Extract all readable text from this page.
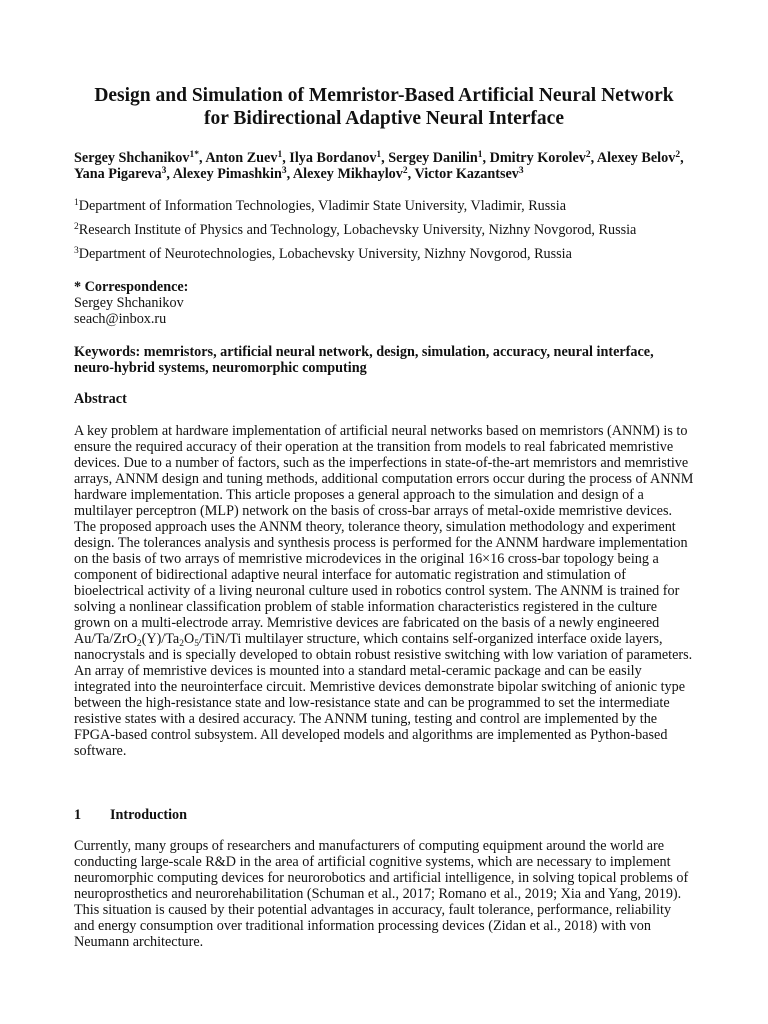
Design and Simulation of Memristor-Based Artificial Neural Network
for Bidirectional Adaptive Neural Interface
Sergey Shchanikov$^{1*}$, Anton Zuev$^1$, Ilya Bordanov$^1$, Sergey Danilin$^1$, Dmitry Korolev$^2$, Alexey Belov$^2$, Yana Pigareva$^3$, Alexey Pimashkin$^3$, Alexey Mikhaylov$^2$, Victor Kazantsev$^3$
$^1$Department of Information Technologies, Vladimir State University, Vladimir, Russia
$^2$Research Institute of Physics and Technology, Lobachevsky University, Nizhny Novgorod, Russia
$^3$Department of Neurotechnologies, Lobachevsky University, Nizhny Novgorod, Russia
* Correspondence:
Sergey Shchanikov
seach@inbox.ru
Keywords: memristors, artificial neural network, design, simulation, accuracy, neural interface, neuro-hybrid systems, neuromorphic computing
Abstract
A key problem at hardware implementation of artificial neural networks based on memristors (ANNM) is to ensure the required accuracy of their operation at the transition from models to real fabricated memristive devices. Due to a number of factors, such as the imperfections in state-of-the-art memristors and memristive arrays, ANNM design and tuning methods, additional computation errors occur during the process of ANNM hardware implementation. This article proposes a general approach to the simulation and design of a multilayer perceptron (MLP) network on the basis of cross-bar arrays of metal-oxide memristive devices. The proposed approach uses the ANNM theory, tolerance theory, simulation methodology and experiment design. The tolerances analysis and synthesis process is performed for the ANNM hardware implementation on the basis of two arrays of memristive microdevices in the original 16×16 cross-bar topology being a component of bidirectional adaptive neural interface for automatic registration and stimulation of bioelectrical activity of a living neuronal culture used in robotics control system. The ANNM is trained for solving a nonlinear classification problem of stable information characteristics registered in the culture grown on a multi-electrode array. Memristive devices are fabricated on the basis of a newly engineered $Au/Ta/ZrO_2(Y)/Ta_2O_5/TiN/Ti$ multilayer structure, which contains self-organized interface oxide layers, nanocrystals and is specially developed to obtain robust resistive switching with low variation of parameters. An array of memristive devices is mounted into a standard metal-ceramic package and can be easily integrated into the neurointerface circuit. Memristive devices demonstrate bipolar switching of anionic type between the high-resistance state and low-resistance state and can be programmed to set the intermediate resistive states with a desired accuracy. The ANNM tuning, testing and control are implemented by the FPGA-based control subsystem. All developed models and algorithms are implemented as Python-based software.
1 Introduction
Currently, many groups of researchers and manufacturers of computing equipment around the world are conducting large-scale R&D in the area of artificial cognitive systems, which are necessary to implement neuromorphic computing devices for neurorobotics and artificial intelligence, in solving topical problems of neuroprosthetics and neurorehabilitation (Schuman et al., 2017; Romano et al., 2019; Xia and Yang, 2019). This situation is caused by their potential advantages in accuracy, fault tolerance, performance, reliability and energy consumption over traditional information processing devices (Zidan et al., 2018) with von Neumann architecture.
